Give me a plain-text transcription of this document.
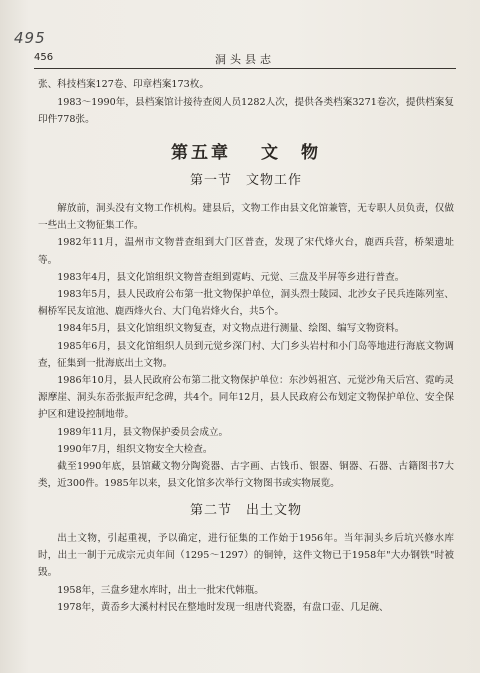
495
456	洞头县志

张、科技档案127卷、印章档案173枚。

1983～1990年，县档案馆计接待查阅人员1282人次，提供各类档案3271卷次，提供档案复印件778张。

第五章 文　物
第一节 文物工作

解放前，洞头没有文物工作机构。建县后，文物工作由县文化馆兼管，无专职人员负责，仅做一些出土文物征集工作。

1982年11月，温州市文物普查组到大门区普查，发现了宋代烽火台，鹿西兵营，桥架遗址等。

1983年4月，县文化馆组织文物普查组到霓屿、元觉、三盘及半屏等乡进行普查。

1983年5月，县人民政府公布第一批文物保护单位，洞头烈士陵园、北沙女子民兵连陈列室、桐桥军民友谊池、鹿西烽火台、大门龟岩烽火台，共5个。

1984年5月，县文化馆组织文物复查，对文物点进行测量、绘图、编写文物资料。

1985年6月，县文化馆组织人员到元觉乡深门村、大门乡头岩村和小门岛等地进行海底文物调查，征集到一批海底出土文物。

1986年10月，县人民政府公布第二批文物保护单位：东沙妈祖宫、元觉沙角天后宫、霓屿灵源摩崖、洞头东岙张振声纪念碑，共4个。同年12月，县人民政府公布划定文物保护单位、安全保护区和建设控制地带。

1989年11月，县文物保护委员会成立。

1990年7月，组织文物安全大检查。

截至1990年底，县馆藏文物分陶瓷器、古字画、古钱币、银器、铜器、石器、古籍图书7大类，近300件。1985年以来，县文化馆多次举行文物图书或实物展览。

第二节 出土文物

出土文物，引起重视，予以确定，进行征集的工作始于1956年。当年洞头乡后坑兴修水库时，出土一制于元成宗元贞年间（1295～1297）的铜钟，这件文物已于1958年"大办钢铁"时被毁。

1958年，三盘乡建水库时，出土一批宋代韩瓶。

1978年，黄岙乡大溪村村民在整地时发现一组唐代瓷器，有盘口壶、几足碗、
